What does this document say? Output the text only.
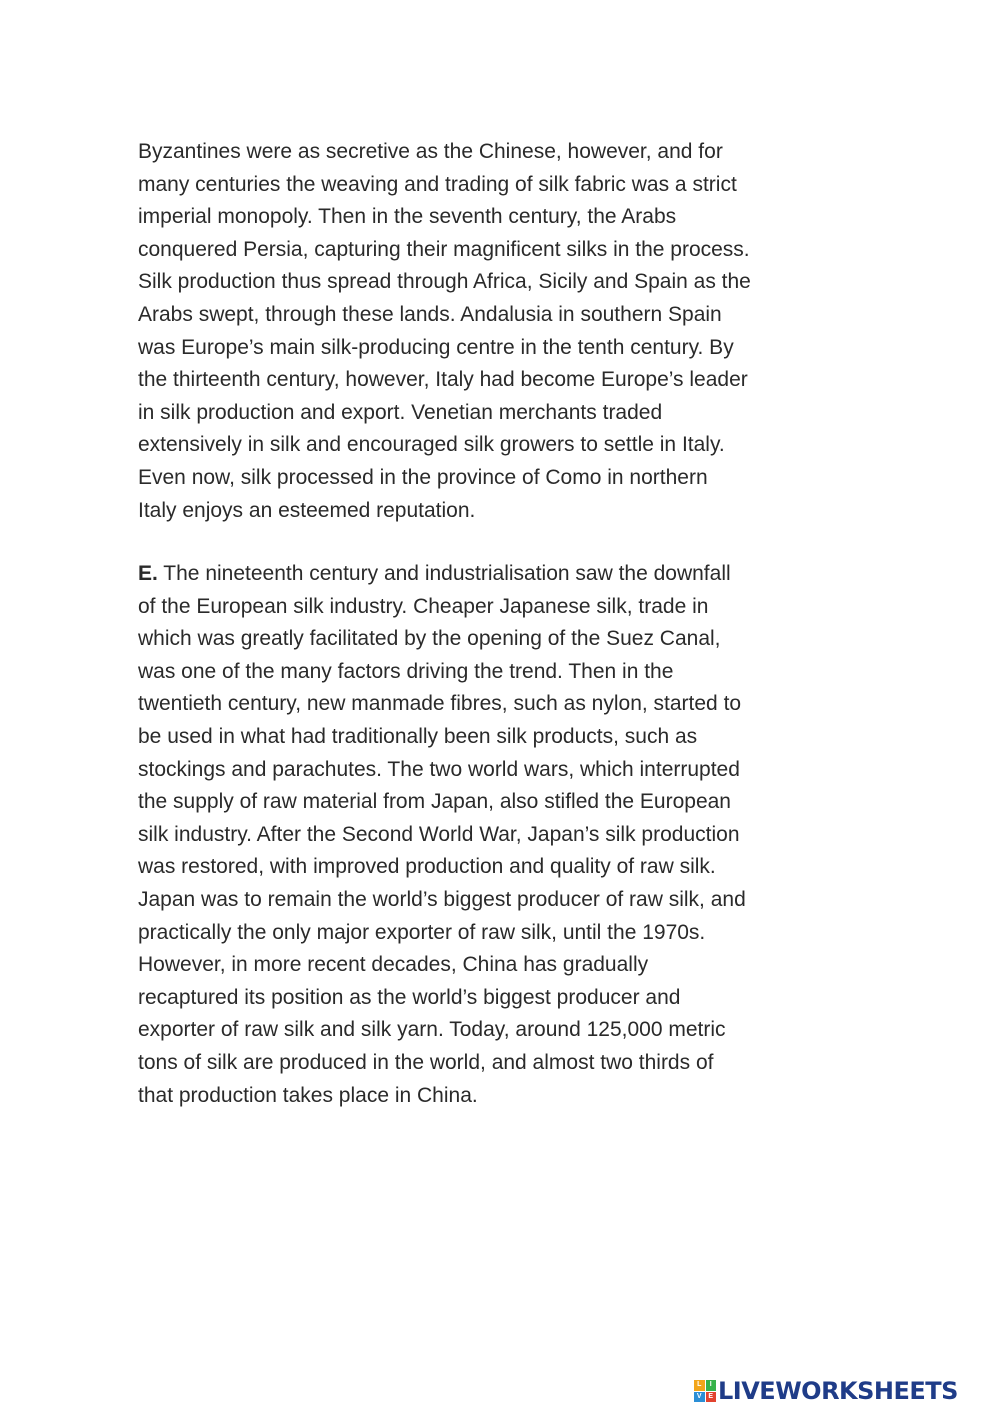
Byzantines were as secretive as the Chinese, however, and for
many centuries the weaving and trading of silk fabric was a strict
imperial monopoly. Then in the seventh century, the Arabs
conquered Persia, capturing their magnificent silks in the process.
Silk production thus spread through Africa, Sicily and Spain as the
Arabs swept, through these lands. Andalusia in southern Spain
was Europe’s main silk-producing centre in the tenth century. By
the thirteenth century, however, Italy had become Europe’s leader
in silk production and export. Venetian merchants traded
extensively in silk and encouraged silk growers to settle in Italy.
Even now, silk processed in the province of Como in northern
Italy enjoys an esteemed reputation.

E. The nineteenth century and industrialisation saw the downfall
of the European silk industry. Cheaper Japanese silk, trade in
which was greatly facilitated by the opening of the Suez Canal,
was one of the many factors driving the trend. Then in the
twentieth century, new manmade fibres, such as nylon, started to
be used in what had traditionally been silk products, such as
stockings and parachutes. The two world wars, which interrupted
the supply of raw material from Japan, also stifled the European
silk industry. After the Second World War, Japan’s silk production
was restored, with improved production and quality of raw silk.
Japan was to remain the world’s biggest producer of raw silk, and
practically the only major exporter of raw silk, until the 1970s.
However, in more recent decades, China has gradually
recaptured its position as the world’s biggest producer and
exporter of raw silk and silk yarn. Today, around 125,000 metric
tons of silk are produced in the world, and almost two thirds of
that production takes place in China.

L	I
V E LIVEWORKSHEETS
